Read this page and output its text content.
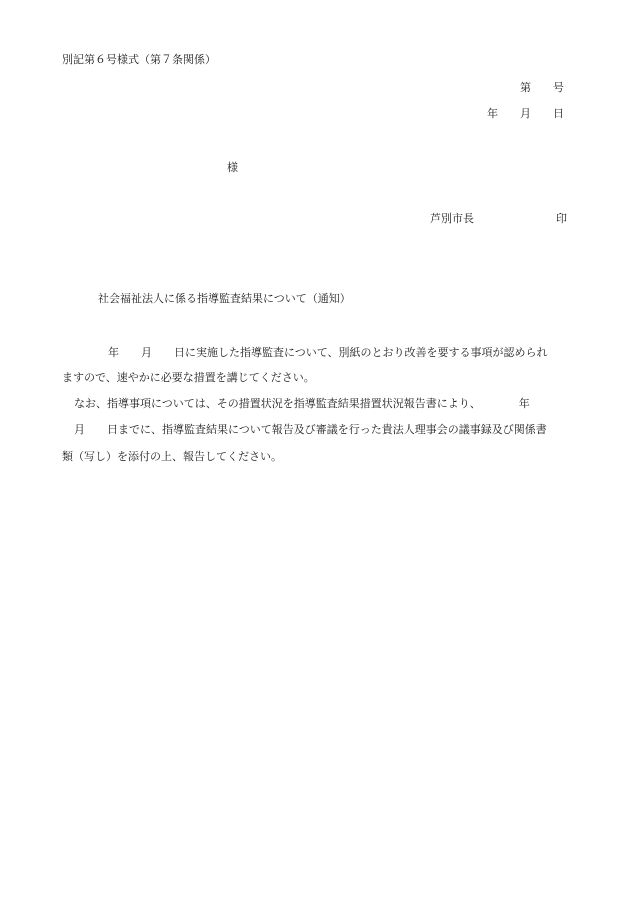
別記第６号様式（第７条関係）
第 号
年 月 日
様
芦別市長	印
社会福祉法人に係る指導監査結果について（通知）
年 月 日に実施した指導監査について、別紙のとおり改善を要する事項が認められ
ますので、速やかに必要な措置を講じてください。
なお、指導事項については、その措置状況を指導監査結果措置状況報告書により、	年
月 日までに、指導監査結果について報告及び審議を行った貴法人理事会の議事録及び関係書
類（写し）を添付の上、報告してください。
